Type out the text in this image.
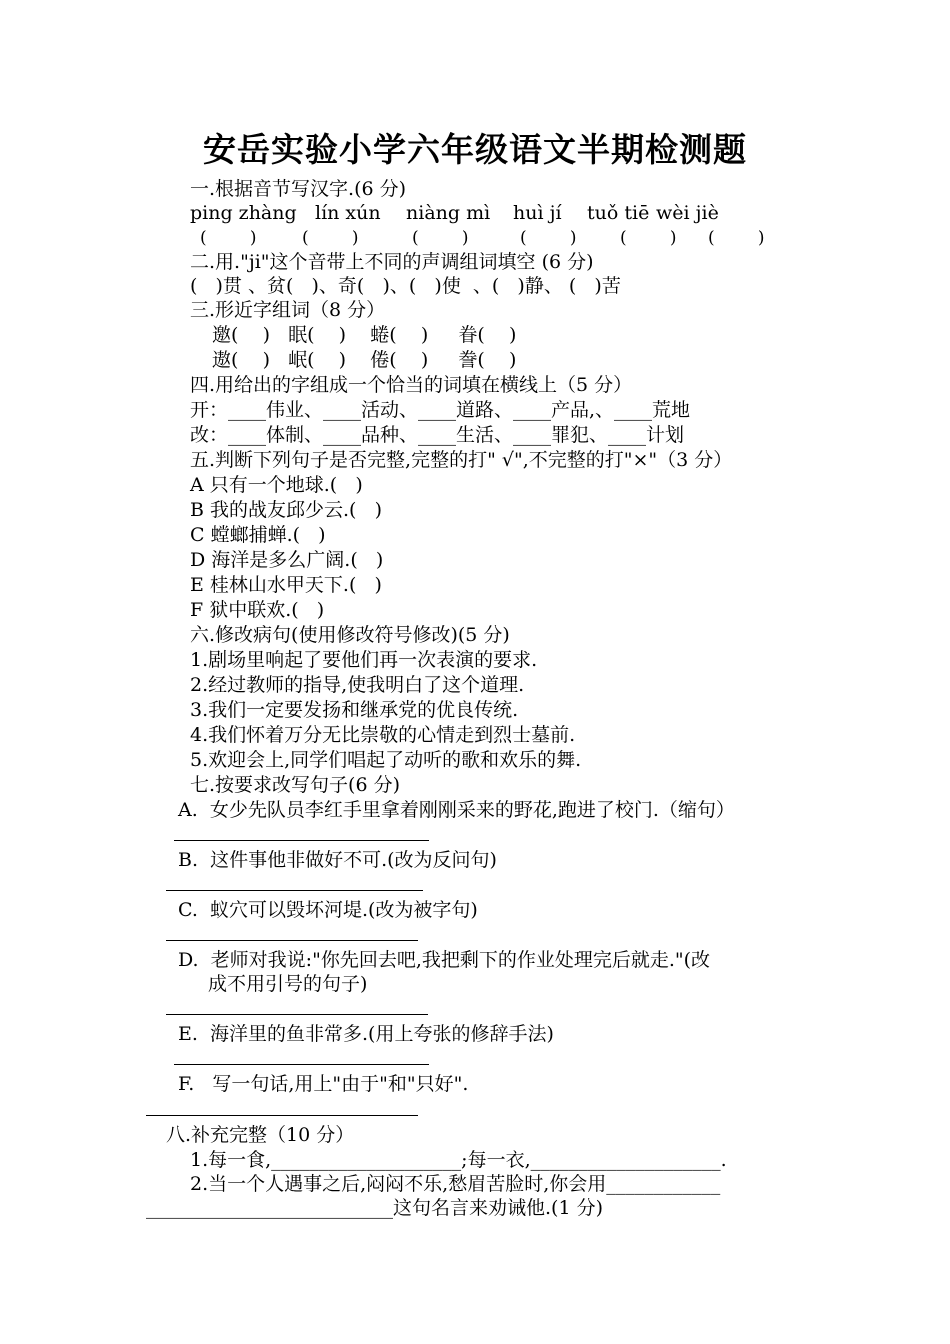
安岳实验小学六年级语文半期检测题
一.根据音节写汉字.(6 分)
ping zhàng lín xún niàng mì huì jí tuǒ tiē wèi jiè
(        )	(        )	(        )	(        )	(        ) (        )
二.用."ji"这个音带上不同的声调组词填空 (6 分)
(   )贯 、贫(   )、奇(   )、(   )使  、(   )静、 (   )苦
三.形近字组词（8 分）
邀(    )   眠(    )    蜷(    )     眷(    )
遨(    )   岷(    )    倦(    )     誊(    )
四.用给出的字组成一个恰当的词填在横线上（5 分）
开：____伟业、____活动、____道路、____产品,、____荒地
改：____体制、____品种、____生活、____罪犯、____计划
五.判断下列句子是否完整,完整的打" √",不完整的打"×"（3 分）
A 只有一个地球.(   )
B 我的战友邱少云.(   )
C 螳螂捕蝉.(   )
D 海洋是多么广阔.(   )
E 桂林山水甲天下.(   )
F 狱中联欢.(   )
六.修改病句(使用修改符号修改)(5 分)
1.剧场里响起了要他们再一次表演的要求.
2.经过教师的指导,使我明白了这个道理.
3.我们一定要发扬和继承党的优良传统.
4.我们怀着万分无比崇敬的心情走到烈士墓前.
5.欢迎会上,同学们唱起了动听的歌和欢乐的舞.
七.按要求改写句子(6 分)
A.  女少先队员李红手里拿着刚刚采来的野花,跑进了校门.（缩句）
B.  这件事他非做好不可.(改为反问句)
C.  蚁穴可以毁坏河堤.(改为被字句)
D.  老师对我说:"你先回去吧,我把剩下的作业处理完后就走."(改
成不用引号的句子)
E.  海洋里的鱼非常多.(用上夸张的修辞手法)
F.   写一句话,用上"由于"和"只好".
八.补充完整（10 分）
1.每一食,____________________;每一衣,____________________.
2.当一个人遇事之后,闷闷不乐,愁眉苦脸时,你会用____________
__________________________这句名言来劝诫他.(1 分)
